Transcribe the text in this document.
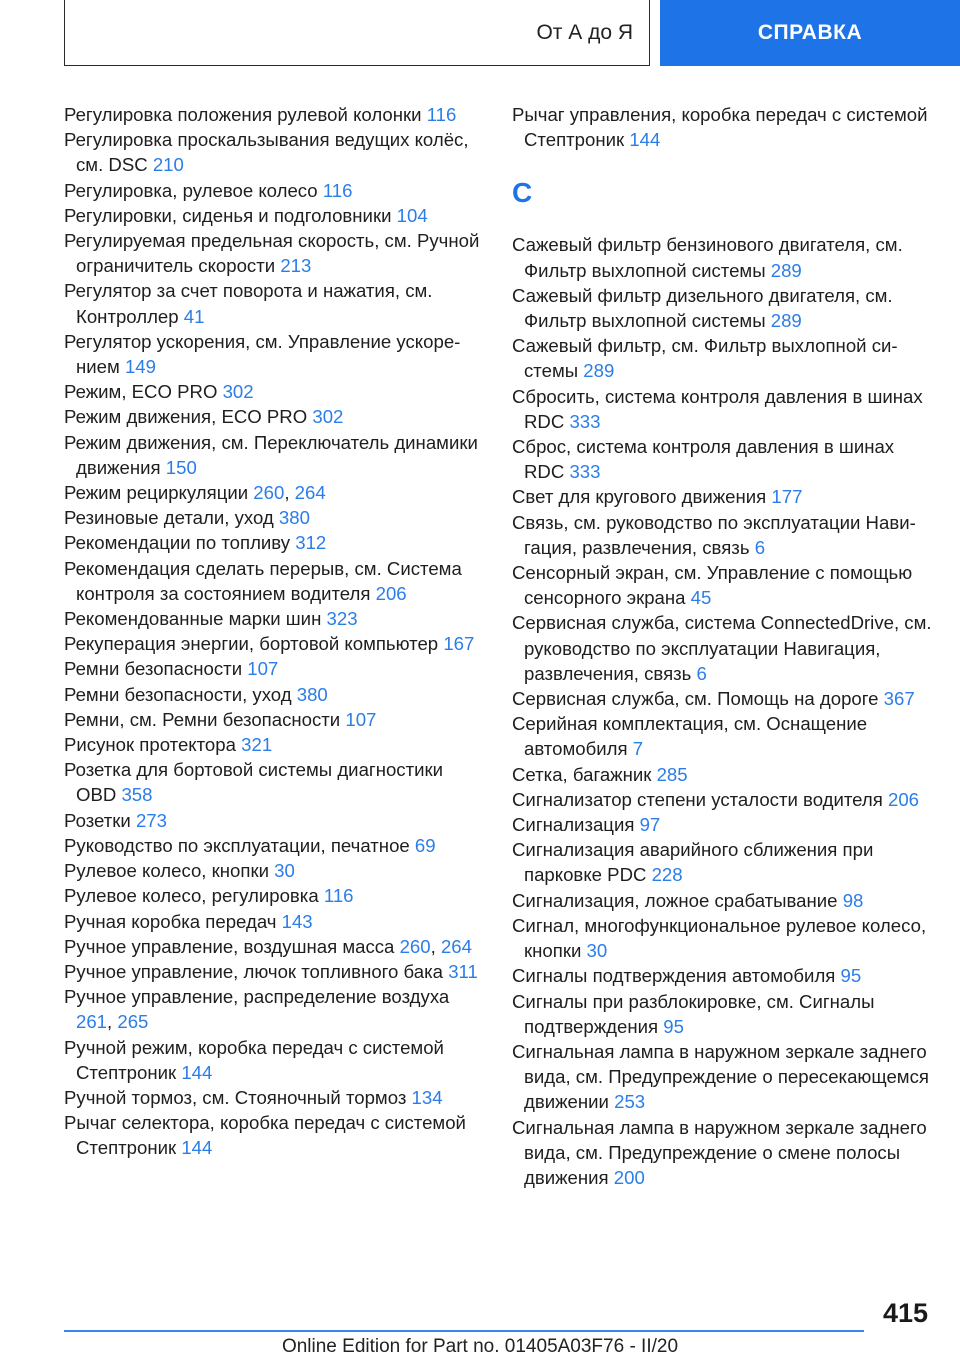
От А до Я	СПРАВКА
Регулировка положения рулевой колонки 116
Регулировка проскальзывания ведущих колёс, см. DSC 210
Регулировка, рулевое колесо 116
Регулировки, сиденья и подголовники 104
Регулируемая предельная скорость, см. Ручной ограничитель скорости 213
Регулятор за счет поворота и нажатия, см. Контроллер 41
Регулятор ускорения, см. Управление ускорением 149
Режим, ECO PRO 302
Режим движения, ECO PRO 302
Режим движения, см. Переключатель динамики движения 150
Режим рециркуляции 260, 264
Резиновые детали, уход 380
Рекомендации по топливу 312
Рекомендация сделать перерыв, см. Система контроля за состоянием водителя 206
Рекомендованные марки шин 323
Рекуперация энергии, бортовой компьютер 167
Ремни безопасности 107
Ремни безопасности, уход 380
Ремни, см. Ремни безопасности 107
Рисунок протектора 321
Розетка для бортовой системы диагностики OBD 358
Розетки 273
Руководство по эксплуатации, печатное 69
Рулевое колесо, кнопки 30
Рулевое колесо, регулировка 116
Ручная коробка передач 143
Ручное управление, воздушная масса 260, 264
Ручное управление, лючок топливного бака 311
Ручное управление, распределение воздуха 261, 265
Ручной режим, коробка передач с системой Стептроник 144
Ручной тормоз, см. Стояночный тормоз 134
Рычаг селектора, коробка передач с системой Стептроник 144
Рычаг управления, коробка передач с системой Стептроник 144
С
Сажевый фильтр бензинового двигателя, см. Фильтр выхлопной системы 289
Сажевый фильтр дизельного двигателя, см. Фильтр выхлопной системы 289
Сажевый фильтр, см. Фильтр выхлопной системы 289
Сбросить, система контроля давления в шинах RDC 333
Сброс, система контроля давления в шинах RDC 333
Свет для кругового движения 177
Связь, см. руководство по эксплуатации Навигация, развлечения, связь 6
Сенсорный экран, см. Управление с помощью сенсорного экрана 45
Сервисная служба, система ConnectedDrive, см. руководство по эксплуатации Навигация, развлечения, связь 6
Сервисная служба, см. Помощь на дороге 367
Серийная комплектация, см. Оснащение автомобиля 7
Сетка, багажник 285
Сигнализатор степени усталости водителя 206
Сигнализация 97
Сигнализация аварийного сближения при парковке PDC 228
Сигнализация, ложное срабатывание 98
Сигнал, многофункциональное рулевое колесо, кнопки 30
Сигналы подтверждения автомобиля 95
Сигналы при разблокировке, см. Сигналы подтверждения 95
Сигнальная лампа в наружном зеркале заднего вида, см. Предупреждение о пересекающемся движении 253
Сигнальная лампа в наружном зеркале заднего вида, см. Предупреждение о смене полосы движения 200
415
Online Edition for Part no. 01405A03F76 - II/20
